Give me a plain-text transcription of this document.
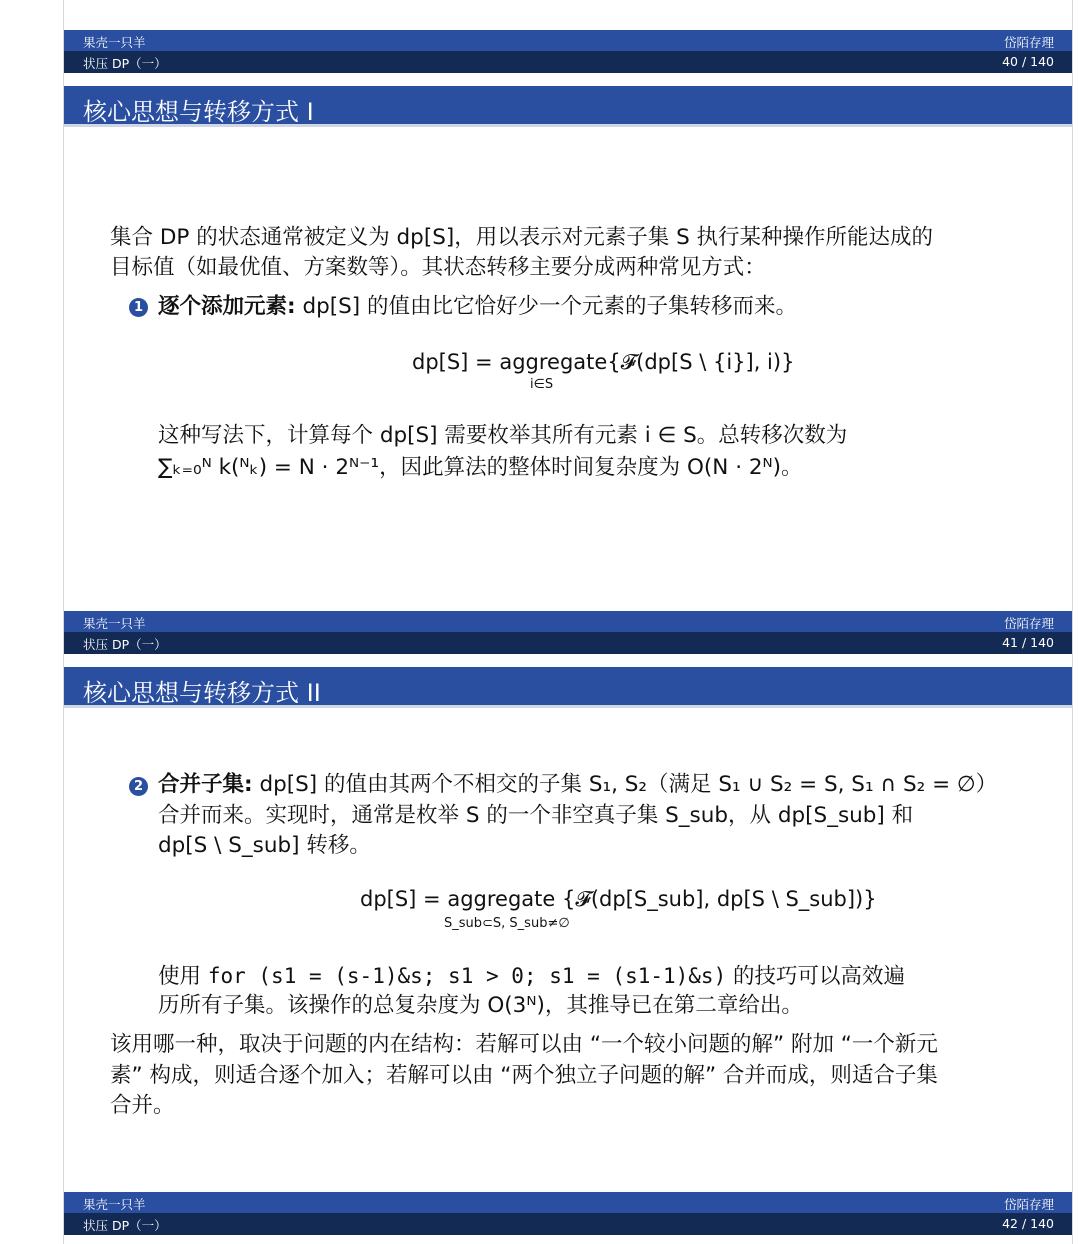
果壳一只羊	岱陌存理
状压 DP（一）	40 / 140
核心思想与转移方式 I
集合 DP 的状态通常被定义为 dp[S]，用以表示对元素子集 S 执行某种操作所能达成的
目标值（如最优值、方案数等）。其状态转移主要分成两种常见方式：
1 逐个添加元素: dp[S] 的值由比它恰好少一个元素的子集转移而来。
dp[S] = aggregate{𝓕(dp[S \ {i}], i)}
i∈S
这种写法下，计算每个 dp[S] 需要枚举其所有元素 i ∈ S。总转移次数为
∑ₖ₌₀ᴺ k(ᴺₖ) = N · 2ᴺ⁻¹，因此算法的整体时间复杂度为 O(N · 2ᴺ)。
果壳一只羊	岱陌存理
状压 DP（一）	41 / 140
核心思想与转移方式 II
2 合并子集: dp[S] 的值由其两个不相交的子集 S₁, S₂（满足 S₁ ∪ S₂ = S, S₁ ∩ S₂ = ∅）
合并而来。实现时，通常是枚举 S 的一个非空真子集 S_sub，从 dp[S_sub] 和
dp[S \ S_sub] 转移。
dp[S] = aggregate {𝓕(dp[S_sub], dp[S \ S_sub])}
S_sub⊂S, S_sub≠∅
使用 for (s1 = (s-1)&s; s1 > 0; s1 = (s1-1)&s) 的技巧可以高效遍
历所有子集。该操作的总复杂度为 O(3ᴺ)，其推导已在第二章给出。
该用哪一种，取决于问题的内在结构：若解可以由 “一个较小问题的解” 附加 “一个新元
素” 构成，则适合逐个加入；若解可以由 “两个独立子问题的解” 合并而成，则适合子集
合并。
果壳一只羊	岱陌存理
状压 DP（一）	42 / 140
